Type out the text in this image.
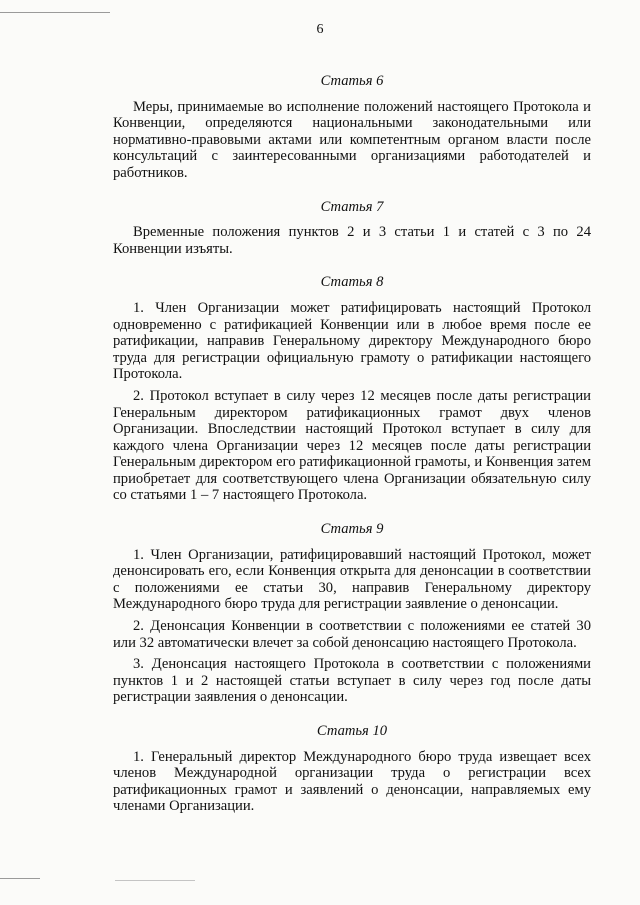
6

Статья 6

Меры, принимаемые во исполнение положений настоящего Протокола и Конвенции, определяются национальными законодательными или нормативно-правовыми актами или компетентным органом власти после консультаций с заинтересованными организациями работодателей и работников.

Статья 7

Временные положения пунктов 2 и 3 статьи 1 и статей с 3 по 24 Конвенции изъяты.

Статья 8

1. Член Организации может ратифицировать настоящий Протокол одновременно с ратификацией Конвенции или в любое время после ее ратификации, направив Генеральному директору Международного бюро труда для регистрации официальную грамоту о ратификации настоящего Протокола.

2. Протокол вступает в силу через 12 месяцев после даты регистрации Генеральным директором ратификационных грамот двух членов Организации. Впоследствии настоящий Протокол вступает в силу для каждого члена Организации через 12 месяцев после даты регистрации Генеральным директором его ратификационной грамоты, и Конвенция затем приобретает для соответствующего члена Организации обязательную силу со статьями 1 – 7 настоящего Протокола.

Статья 9

1. Член Организации, ратифицировавший настоящий Протокол, может денонсировать его, если Конвенция открыта для денонсации в соответствии с положениями ее статьи 30, направив Генеральному директору Международного бюро труда для регистрации заявление о денонсации.

2. Денонсация Конвенции в соответствии с положениями ее статей 30 или 32 автоматически влечет за собой денонсацию настоящего Протокола.

3. Денонсация настоящего Протокола в соответствии с положениями пунктов 1 и 2 настоящей статьи вступает в силу через год после даты регистрации заявления о денонсации.

Статья 10

1. Генеральный директор Международного бюро труда извещает всех членов Международной организации труда о регистрации всех ратификационных грамот и заявлений о денонсации, направляемых ему членами Организации.
